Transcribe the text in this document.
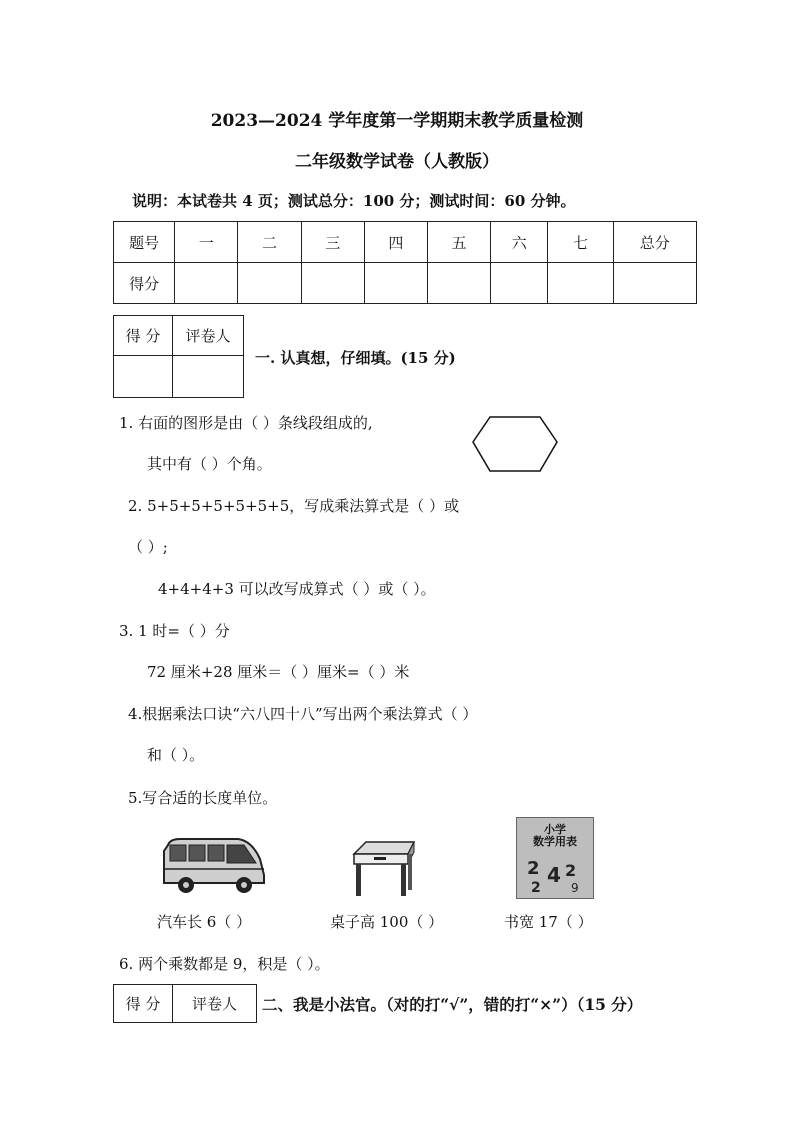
2023—2024 学年度第一学期期末教学质量检测
二年级数学试卷（人教版）
说明：本试卷共 4 页；测试总分：100 分；测试时间：60 分钟。
题号	一	二	三	四	五	六	七	总分
得分								
得 分	评卷人

一. 认真想，仔细填。(15 分)
1. 右面的图形是由（ ）条线段组成的,
其中有（ ）个角。
2. 5+5+5+5+5+5+5，写成乘法算式是（ ）或
（ ）;
4+4+4+3 可以改写成算式（ ）或（ ）。
3. 1 时=（ ）分
72 厘米+28 厘米＝（ ）厘米=（ ）米
4.根据乘法口诀“六八四十八”写出两个乘法算式（ ）
和（ ）。
5.写合适的长度单位。
小学
数学用表
2 4 2
2	9
汽车长 6（ ）	桌子高 100（ ）	书宽 17（ ）
6. 两个乘数都是 9，积是（ ）。
得 分	评卷人 二、我是小法官。（对的打“√”，错的打“×”）（15 分）
